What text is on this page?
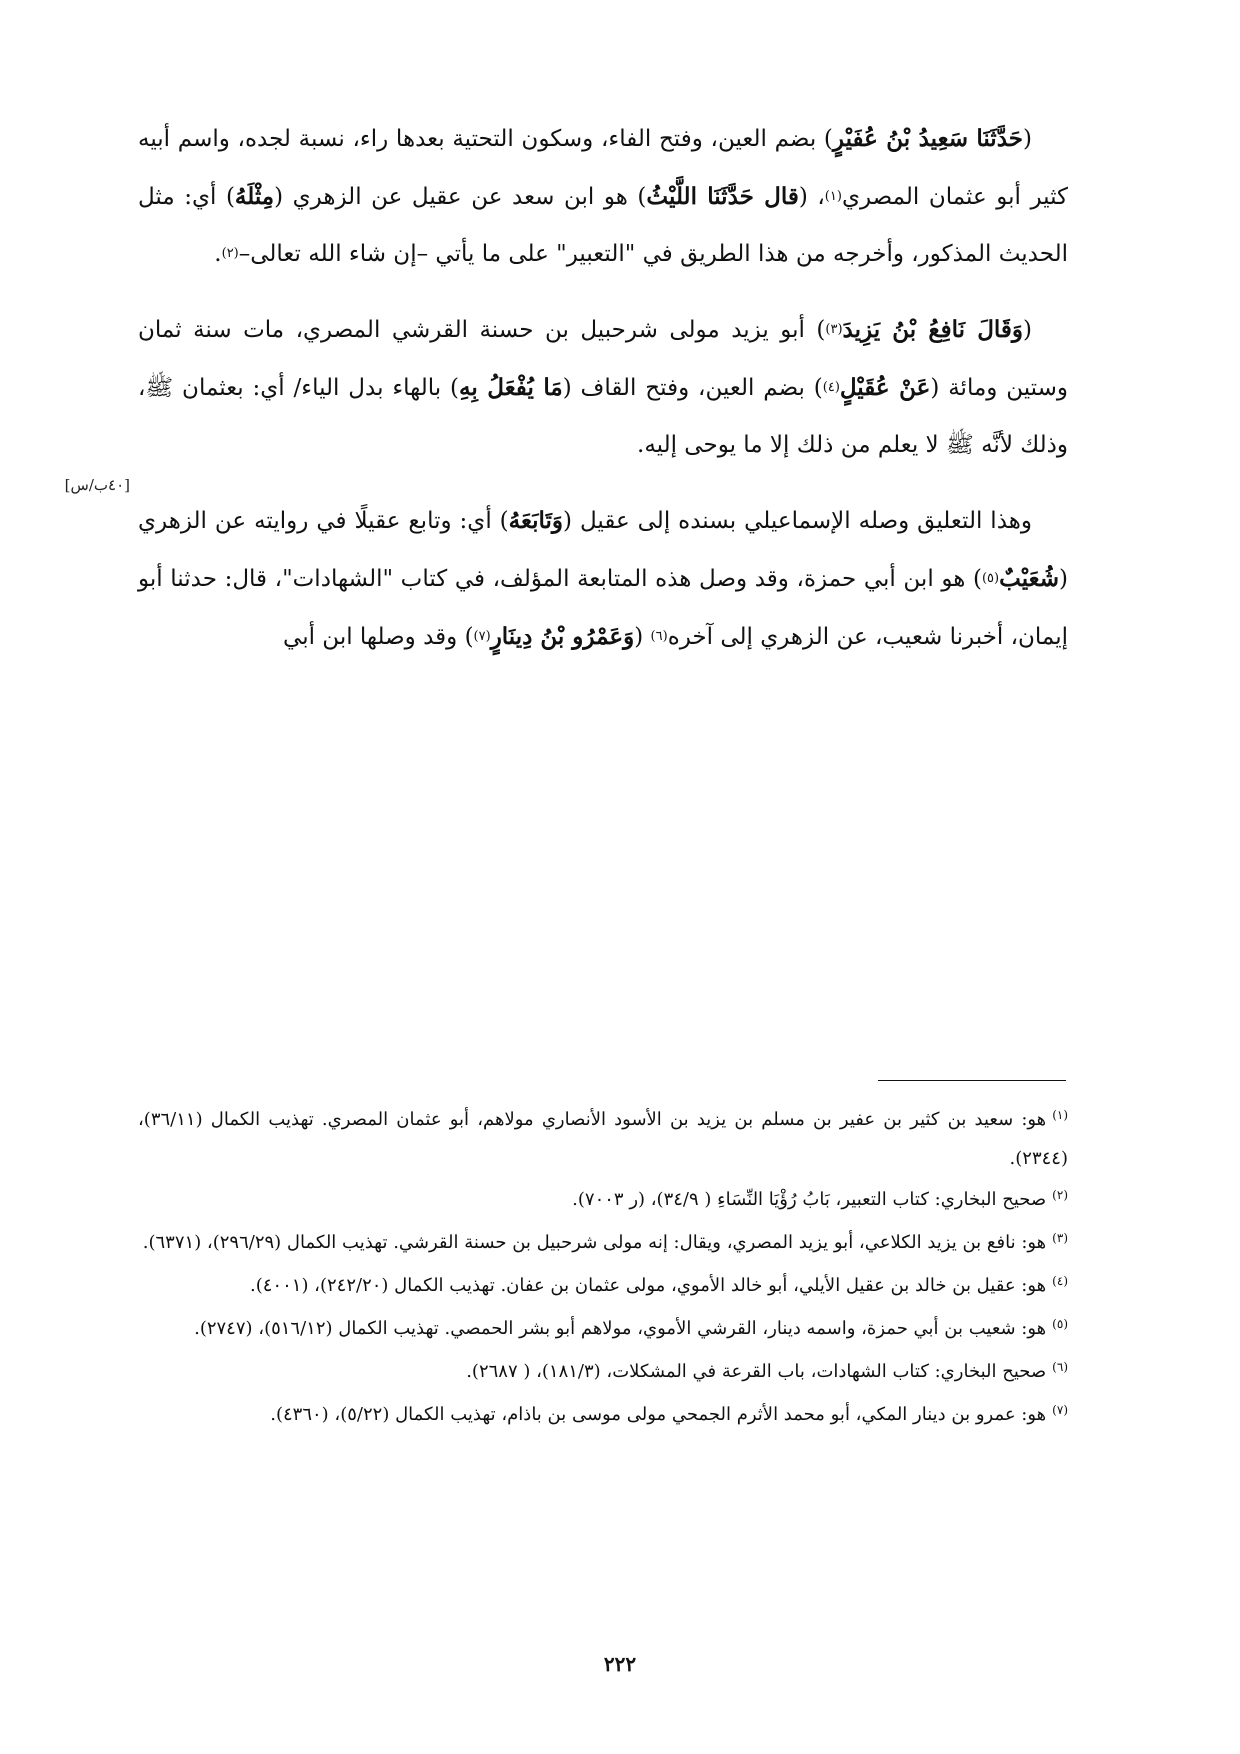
(حَدَّثَنَا سَعِيدُ بْنُ عُفَيْرٍ) بضم العين، وفتح الفاء، وسكون التحتية بعدها راء، نسبة لجده، واسم أبيه كثير أبو عثمان المصري$^{(١)}$، (قال حَدَّثَنَا اللَّيْثُ) هو ابن سعد عن عقيل عن الزهري (مِثْلَهُ) أي: مثل الحديث المذكور، وأخرجه من هذا الطريق في "التعبير" على ما يأتي –إن شاء الله تعالى–$^{(٢)}$.

(وَقَالَ نَافِعُ بْنُ يَزِيدَ$^{(٣)}$) أبو يزيد مولى شرحبيل بن حسنة القرشي المصري، مات سنة ثمان وستين ومائة (عَنْ عُقَيْلٍ$^{(٤)}$) بضم العين، وفتح القاف (مَا يُفْعَلُ بِهِ) بالهاء بدل الياء/ أي: بعثمان ﷺ، وذلك لأنَّه ﷺ لا يعلم من ذلك إلا ما يوحى إليه.

وهذا التعليق وصله الإسماعيلي بسنده إلى عقيل (وَتَابَعَهُ) أي: وتابع عقيلًا في روايته عن الزهري (شُعَيْبٌ$^{(٥)}$) هو ابن أبي حمزة، وقد وصل هذه المتابعة المؤلف، في كتاب "الشهادات"، قال: حدثنا أبو إيمان، أخبرنا شعيب، عن الزهري إلى آخره$^{(٦)}$ (وَعَمْرُو بْنُ دِينَارٍ$^{(٧)}$) وقد وصلها ابن أبي

[٤٠ب/س]

$^{(١)}$هو: سعيد بن كثير بن عفير بن مسلم بن يزيد بن الأسود الأنصاري مولاهم، أبو عثمان المصري. تهذيب الكمال (٣٦/١١)، (٢٣٤٤).

$^{(٢)}$صحيح البخاري: كتاب التعبير، بَابُ رُؤْيَا النِّسَاءِ ( ٣٤/٩)، (ر ٧٠٠٣).

$^{(٣)}$هو: نافع بن يزيد الكلاعي، أبو يزيد المصري، ويقال: إنه مولى شرحبيل بن حسنة القرشي. تهذيب الكمال (٢٩٦/٢٩)، (٦٣٧١).

$^{(٤)}$هو: عقيل بن خالد بن عقيل الأيلي، أبو خالد الأموي، مولى عثمان بن عفان. تهذيب الكمال (٢٤٢/٢٠)، (٤٠٠١).

$^{(٥)}$هو: شعيب بن أبي حمزة، واسمه دينار، القرشي الأموي، مولاهم أبو بشر الحمصي. تهذيب الكمال (٥١٦/١٢)، (٢٧٤٧).

$^{(٦)}$صحيح البخاري: كتاب الشهادات، باب القرعة في المشكلات، (١٨١/٣)، ( ٢٦٨٧).

$^{(٧)}$هو: عمرو بن دينار المكي، أبو محمد الأثرم الجمحي مولى موسى بن باذام، تهذيب الكمال (٥/٢٢)، (٤٣٦٠).

٢٢٢
